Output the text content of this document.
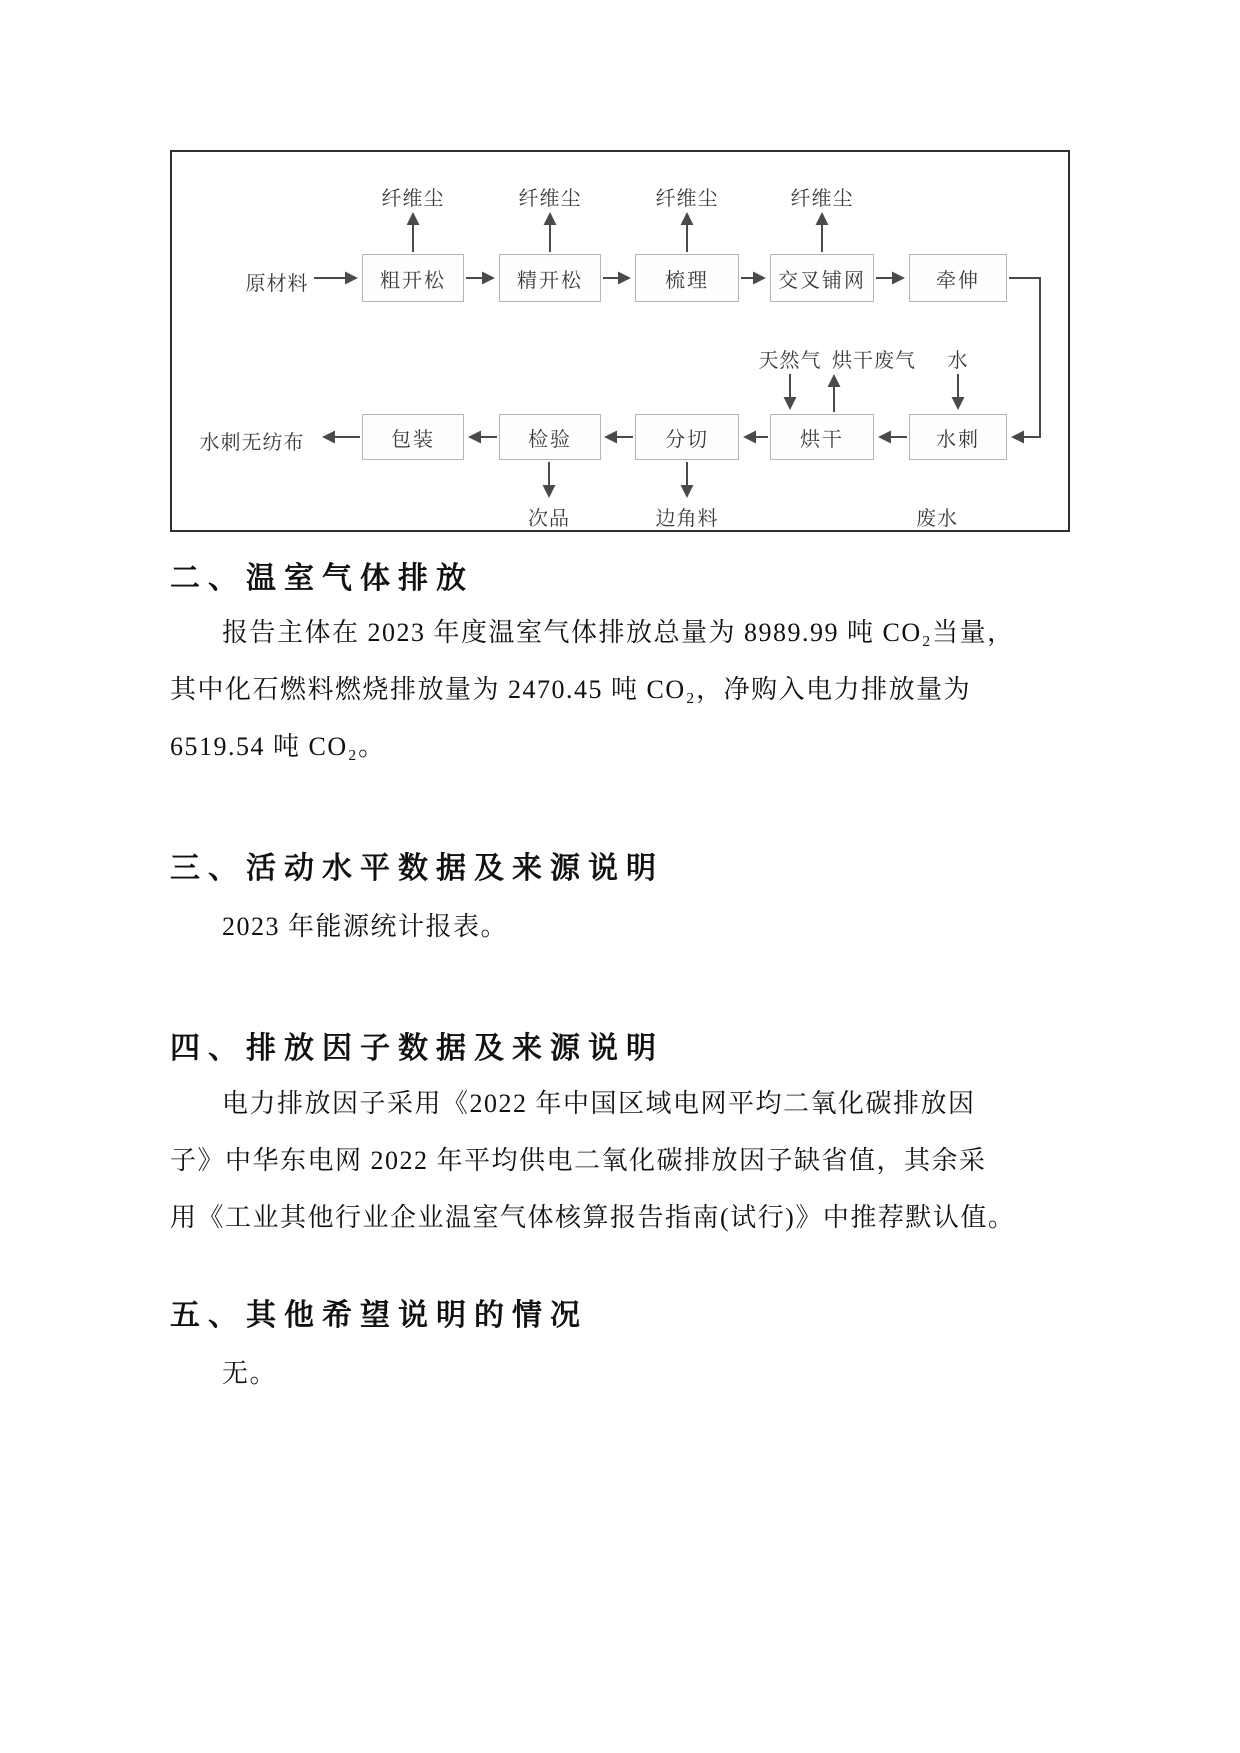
纤维尘	纤维尘	纤维尘	纤维尘
原材料	粗开松	精开松	梳理	交叉铺网	牵伸
天然气 烘干废气	水
水刺无纺布	包装	检验	分切	烘干	水刺
次品	边角料	废水
二、温室气体排放
报告主体在 2023 年度温室气体排放总量为 8989.99 吨 CO₂当量，
其中化石燃料燃烧排放量为 2470.45 吨 CO₂，净购入电力排放量为
6519.54 吨 CO₂。
三、活动水平数据及来源说明
2023 年能源统计报表。
四、排放因子数据及来源说明
电力排放因子采用《2022 年中国区域电网平均二氧化碳排放因
子》中华东电网 2022 年平均供电二氧化碳排放因子缺省值，其余采
用《工业其他行业企业温室气体核算报告指南(试行)》中推荐默认值。
五、其他希望说明的情况
无。
